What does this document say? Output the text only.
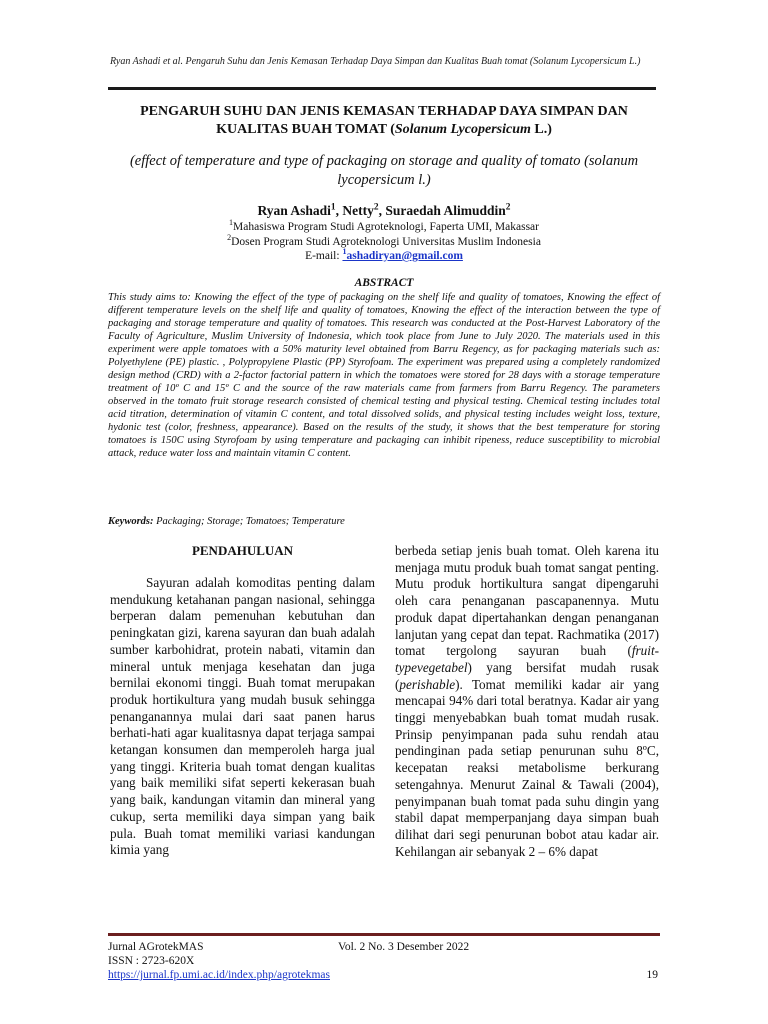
Ryan Ashadi et al. Pengaruh Suhu dan Jenis Kemasan Terhadap Daya Simpan dan Kualitas Buah tomat (Solanum Lycopersicum L.)
PENGARUH SUHU DAN JENIS KEMASAN TERHADAP DAYA SIMPAN DAN KUALITAS BUAH TOMAT (Solanum Lycopersicum L.)
(effect of temperature and type of packaging on storage and quality of tomato (solanum lycopersicum l.)
Ryan Ashadi$^1$, Netty$^2$, Suraedah Alimuddin$^2$
$^1$Mahasiswa Program Studi Agroteknologi, Faperta UMI, Makassar
$^2$Dosen Program Studi Agroteknologi Universitas Muslim Indonesia
E-mail: $^1$ashadiryan@gmail.com
ABSTRACT
This study aims to: Knowing the effect of the type of packaging on the shelf life and quality of tomatoes, Knowing the effect of different temperature levels on the shelf life and quality of tomatoes, Knowing the effect of the interaction between the type of packaging and storage temperature and quality of tomatoes. This research was conducted at the Post-Harvest Laboratory of the Faculty of Agriculture, Muslim University of Indonesia, which took place from June to July 2020. The materials used in this experiment were apple tomatoes with a 50% maturity level obtained from Barru Regency, as for packaging materials such as: Polyethylene (PE) plastic. , Polypropylene Plastic (PP) Styrofoam. The experiment was prepared using a completely randomized design method (CRD) with a 2-factor factorial pattern in which the tomatoes were stored for 28 days with a storage temperature treatment of 10º C and 15º C and the source of the raw materials came from farmers from Barru Regency. The parameters observed in the tomato fruit storage research consisted of chemical testing and physical testing. Chemical testing includes total acid titration, determination of vitamin C content, and total dissolved solids, and physical testing includes weight loss, texture, hydonic test (color, freshness, appearance). Based on the results of the study, it shows that the best temperature for storing tomatoes is 150C using Styrofoam by using temperature and packaging can inhibit ripeness, reduce susceptibility to microbial attack, reduce water loss and maintain vitamin C content.
Keywords: Packaging; Storage; Tomatoes; Temperature
PENDAHULUAN
Sayuran adalah komoditas penting dalam mendukung ketahanan pangan nasional, sehingga berperan dalam pemenuhan kebutuhan dan peningkatan gizi, karena sayuran dan buah adalah sumber karbohidrat, protein nabati, vitamin dan mineral untuk menjaga kesehatan dan juga bernilai ekonomi tinggi. Buah tomat merupakan produk hortikultura yang mudah busuk sehingga penanganannya mulai dari saat panen harus berhati-hati agar kualitasnya dapat terjaga sampai ketangan konsumen dan memperoleh harga jual yang tinggi. Kriteria buah tomat dengan kualitas yang baik memiliki sifat seperti kekerasan buah yang baik, kandungan vitamin dan mineral yang cukup, serta memiliki daya simpan yang baik pula. Buah tomat memiliki variasi kandungan kimia yang
berbeda setiap jenis buah tomat. Oleh karena itu menjaga mutu produk buah tomat sangat penting. Mutu produk hortikultura sangat dipengaruhi oleh cara penanganan pascapanennya. Mutu produk dapat dipertahankan dengan penanganan lanjutan yang cepat dan tepat. Rachmatika (2017) tomat tergolong sayuran buah (fruit-typevegetabel) yang bersifat mudah rusak (perishable). Tomat memiliki kadar air yang mencapai 94% dari total beratnya. Kadar air yang tinggi menyebabkan buah tomat mudah rusak. Prinsip penyimpanan pada suhu rendah atau pendinginan pada setiap penurunan suhu 8ºC, kecepatan reaksi metabolisme berkurang setengahnya. Menurut Zainal & Tawali (2004), penyimpanan buah tomat pada suhu dingin yang stabil dapat memperpanjang daya simpan buah dilihat dari segi penurunan bobot atau kadar air. Kehilangan air sebanyak 2 – 6% dapat
Jurnal AGrotekMAS	Vol. 2 No. 3 Desember 2022
ISSN : 2723-620X
https://jurnal.fp.umi.ac.id/index.php/agrotekmas	19
